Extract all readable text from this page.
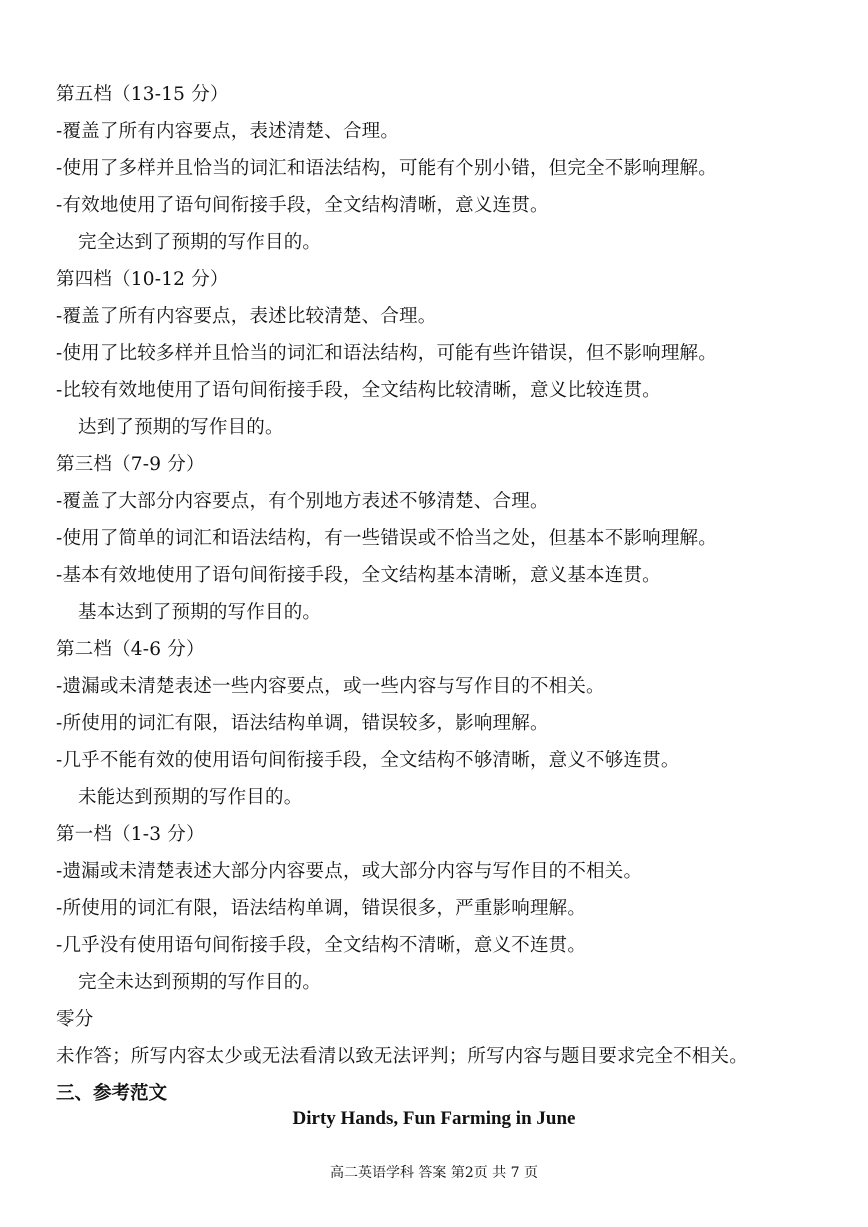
第五档（13-15 分）
-覆盖了所有内容要点，表述清楚、合理。
-使用了多样并且恰当的词汇和语法结构，可能有个别小错，但完全不影响理解。
-有效地使用了语句间衔接手段，全文结构清晰，意义连贯。
完全达到了预期的写作目的。
第四档（10-12 分）
-覆盖了所有内容要点，表述比较清楚、合理。
-使用了比较多样并且恰当的词汇和语法结构，可能有些许错误，但不影响理解。
-比较有效地使用了语句间衔接手段，全文结构比较清晰，意义比较连贯。
达到了预期的写作目的。
第三档（7-9 分）
-覆盖了大部分内容要点，有个别地方表述不够清楚、合理。
-使用了简单的词汇和语法结构，有一些错误或不恰当之处，但基本不影响理解。
-基本有效地使用了语句间衔接手段，全文结构基本清晰，意义基本连贯。
基本达到了预期的写作目的。
第二档（4-6 分）
-遗漏或未清楚表述一些内容要点，或一些内容与写作目的不相关。
-所使用的词汇有限，语法结构单调，错误较多，影响理解。
-几乎不能有效的使用语句间衔接手段，全文结构不够清晰，意义不够连贯。
未能达到预期的写作目的。
第一档（1-3 分）
-遗漏或未清楚表述大部分内容要点，或大部分内容与写作目的不相关。
-所使用的词汇有限，语法结构单调，错误很多，严重影响理解。
-几乎没有使用语句间衔接手段，全文结构不清晰，意义不连贯。
完全未达到预期的写作目的。
零分
未作答；所写内容太少或无法看清以致无法评判；所写内容与题目要求完全不相关。
三、参考范文
Dirty Hands, Fun Farming in June
高二英语学科 答案 第2页 共 7 页
